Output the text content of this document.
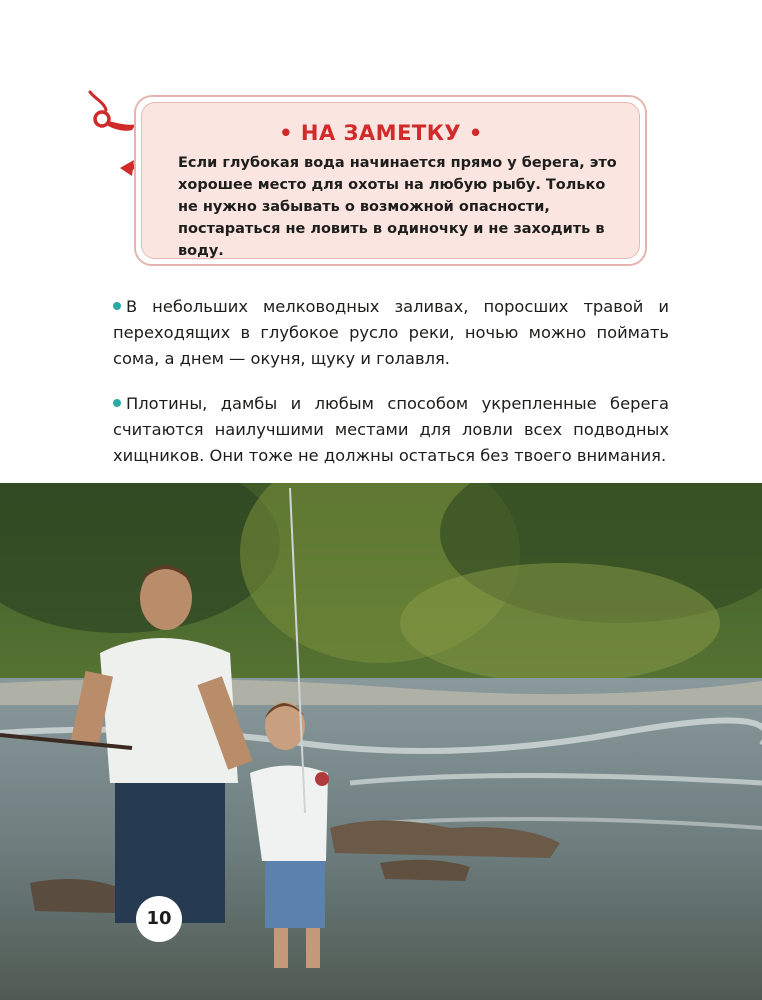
• НА ЗАМЕТКУ •

Если глубокая вода начинается прямо у берега, это хорошее место для охоты на любую рыбу. Только не нужно забывать о возможной опасности, постараться не ловить в одиночку и не заходить в воду.

В небольших мелководных заливах, поросших травой и переходящих в глубокое русло реки, ночью можно поймать сома, а днем — окуня, щуку и голавля.

Плотины, дамбы и любым способом укрепленные берега считаются наилучшими местами для ловли всех подводных хищников. Они тоже не должны остаться без твоего внимания.

10
